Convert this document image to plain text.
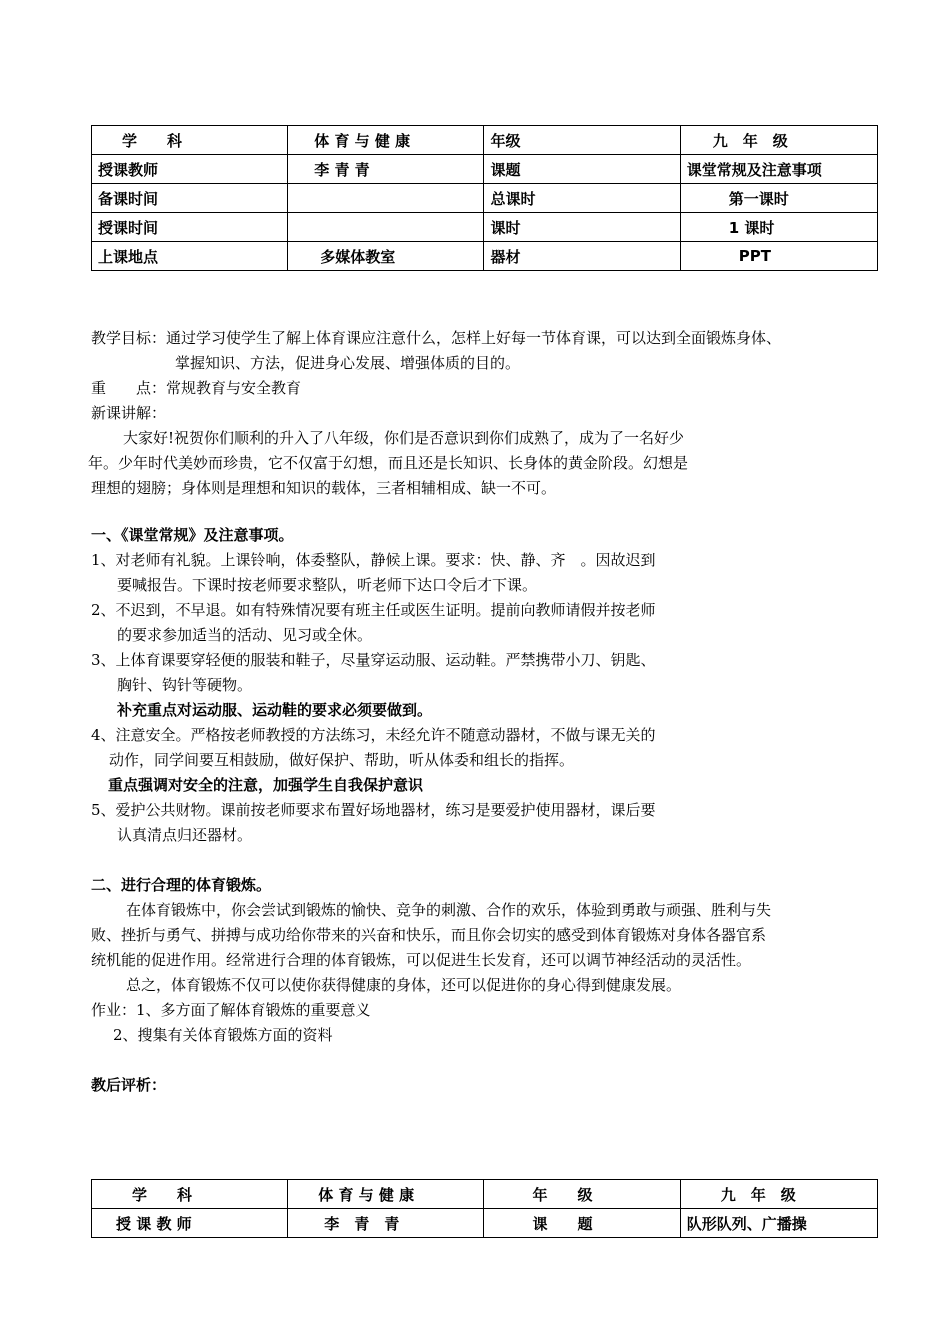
学　　科	体 育 与 健 康	年级	九　年　级
授课教师	李 青 青	课题	课堂常规及注意事项
备课时间		总课时	第一课时
授课时间		课时	1 课时
上课地点	多媒体教室	器材	PPT
教学目标：通过学习使学生了解上体育课应注意什么，怎样上好每一节体育课，可以达到全面锻炼身体、
掌握知识、方法，促进身心发展、增强体质的目的。
重　　点：常规教育与安全教育
新课讲解：
大家好!祝贺你们顺利的升入了八年级，你们是否意识到你们成熟了，成为了一名好少
年。少年时代美妙而珍贵，它不仅富于幻想，而且还是长知识、长身体的黄金阶段。幻想是
理想的翅膀；身体则是理想和知识的载体，三者相辅相成、缺一不可。
一、《课堂常规》及注意事项。
1、对老师有礼貌。上课铃响，体委整队，静候上课。要求：快、静、齐　。因故迟到
要喊报告。下课时按老师要求整队，听老师下达口令后才下课。
2、不迟到，不早退。如有特殊情况要有班主任或医生证明。提前向教师请假并按老师
的要求参加适当的活动、见习或全休。
3、上体育课要穿轻便的服装和鞋子，尽量穿运动服、运动鞋。严禁携带小刀、钥匙、
胸针、钩针等硬物。
补充重点对运动服、运动鞋的要求必须要做到。
4、注意安全。严格按老师教授的方法练习，未经允许不随意动器材，不做与课无关的
动作，同学间要互相鼓励，做好保护、帮助，听从体委和组长的指挥。
重点强调对安全的注意，加强学生自我保护意识
5、爱护公共财物。课前按老师要求布置好场地器材，练习是要爱护使用器材，课后要
认真清点归还器材。
二、进行合理的体育锻炼。
在体育锻炼中，你会尝试到锻炼的愉快、竞争的刺激、合作的欢乐，体验到勇敢与顽强、胜利与失
败、挫折与勇气、拼搏与成功给你带来的兴奋和快乐，而且你会切实的感受到体育锻炼对身体各器官系
统机能的促进作用。经常进行合理的体育锻炼，可以促进生长发育，还可以调节神经活动的灵活性。
总之，体育锻炼不仅可以使你获得健康的身体，还可以促进你的身心得到健康发展。
作业：1、多方面了解体育锻炼的重要意义
2、搜集有关体育锻炼方面的资料
教后评析：
学　　科	体 育 与 健 康	年　　级	九　年　级
授 课 教 师	李　青　青	课　　题	队形队列、广播操
